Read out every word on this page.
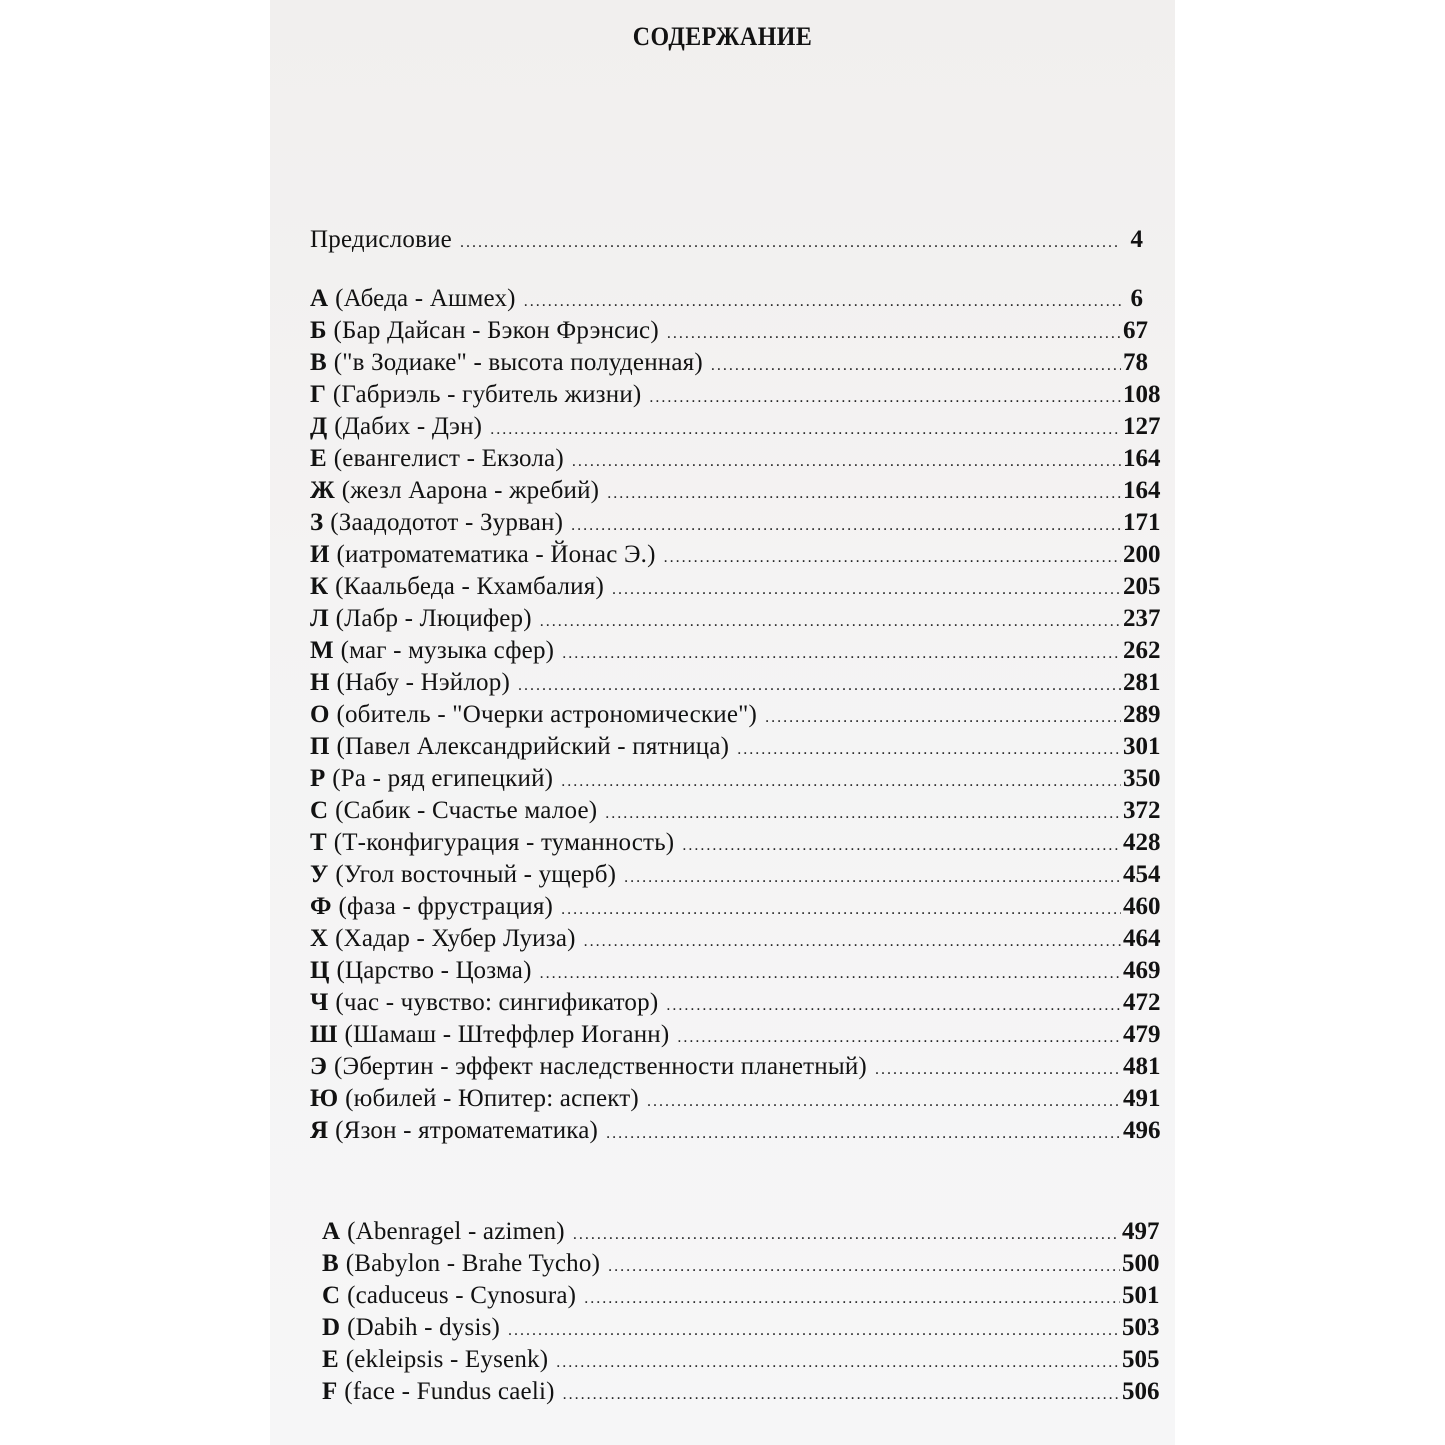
СОДЕРЖАНИЕ
Предисловие .....	4
А (Абеда - Ашмех) .....	6
Б (Бар Дайсан - Бэкон Фрэнсис) .....	67
В ("в Зодиаке" - высота полуденная) .....	78
Г (Габриэль - губитель жизни) .....	108
Д (Дабих - Дэн) .....	127
Е (евангелист - Екзола) .....	164
Ж (жезл Аарона - жребий) .....	164
З (Заадодотот - Зурван) .....	171
И (иатроматематика - Йонас Э.) .....	200
К (Каальбеда - Кхамбалия) .....	205
Л (Лабр - Люцифер) .....	237
М (маг - музыка сфер) .....	262
Н (Набу - Нэйлор) .....	281
О (обитель - "Очерки астрономические") .....	289
П (Павел Александрийский - пятница) .....	301
Р (Ра - ряд египецкий) .....	350
С (Сабик - Счастье малое) .....	372
Т (Т-конфигурация - туманность) .....	428
У (Угол восточный - ущерб) .....	454
Ф (фаза - фрустрация) .....	460
Х (Хадар - Хубер Луиза) .....	464
Ц (Царство - Цозма) .....	469
Ч (час - чувство: сингификатор) .....	472
Ш (Шамаш - Штеффлер Иоганн) .....	479
Э (Эбертин - эффект наследственности планетный) .....	481
Ю (юбилей - Юпитер: аспект) .....	491
Я (Язон - ятроматематика) .....	496
A (Abenragel - azimen) .....	497
B (Babylon - Brahe Tycho) .....	500
C (caduceus - Cynosura) .....	501
D (Dabih - dysis) .....	503
E (ekleipsis - Eysenk) .....	505
F (face - Fundus caeli) .....	506
